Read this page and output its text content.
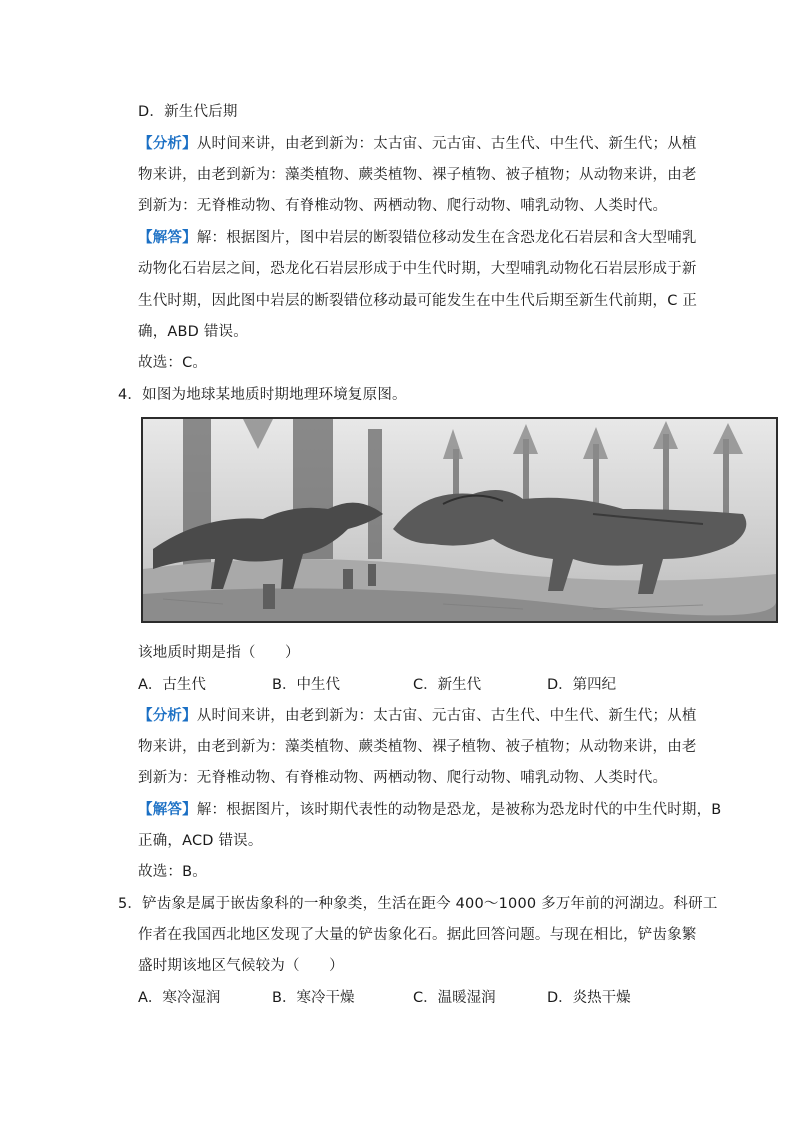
D．新生代后期
【分析】从时间来讲，由老到新为：太古宙、元古宙、古生代、中生代、新生代；从植
物来讲，由老到新为：藻类植物、蕨类植物、裸子植物、被子植物；从动物来讲，由老
到新为：无脊椎动物、有脊椎动物、两栖动物、爬行动物、哺乳动物、人类时代。
【解答】解：根据图片，图中岩层的断裂错位移动发生在含恐龙化石岩层和含大型哺乳
动物化石岩层之间，恐龙化石岩层形成于中生代时期，大型哺乳动物化石岩层形成于新
生代时期，因此图中岩层的断裂错位移动最可能发生在中生代后期至新生代前期，C 正
确，ABD 错误。
故选：C。
4．如图为地球某地质时期地理环境复原图。
该地质时期是指（　　）
A．古生代	B．中生代	C．新生代	D．第四纪
【分析】从时间来讲，由老到新为：太古宙、元古宙、古生代、中生代、新生代；从植
物来讲，由老到新为：藻类植物、蕨类植物、裸子植物、被子植物；从动物来讲，由老
到新为：无脊椎动物、有脊椎动物、两栖动物、爬行动物、哺乳动物、人类时代。
【解答】解：根据图片，该时期代表性的动物是恐龙，是被称为恐龙时代的中生代时期，B
正确，ACD 错误。
故选：B。
5．铲齿象是属于嵌齿象科的一种象类，生活在距今 400～1000 多万年前的河湖边。科研工
作者在我国西北地区发现了大量的铲齿象化石。据此回答问题。与现在相比，铲齿象繁
盛时期该地区气候较为（　　）
A．寒冷湿润	B．寒冷干燥	C．温暖湿润	D．炎热干燥
